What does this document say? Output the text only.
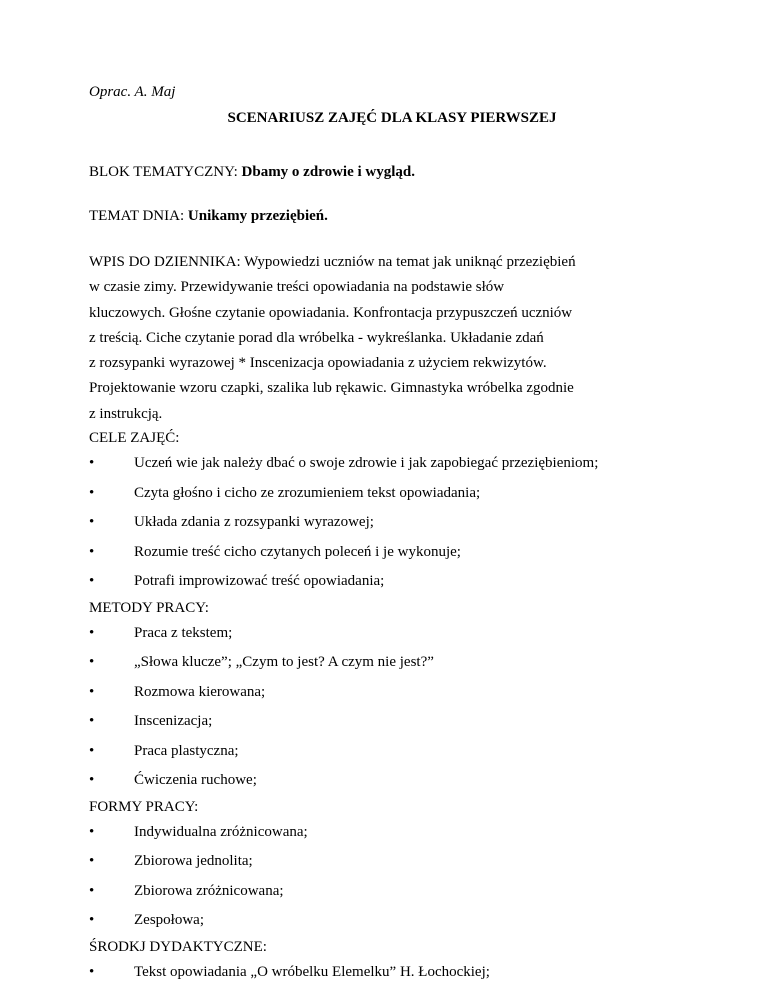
Oprac. A. Maj
SCENARIUSZ ZAJĘĆ DLA KLASY PIERWSZEJ
BLOK TEMATYCZNY: Dbamy o zdrowie i wygląd.
TEMAT DNIA: Unikamy przeziębień.
WPIS DO DZIENNIKA: Wypowiedzi uczniów na temat jak uniknąć przeziębień
w czasie zimy. Przewidywanie treści opowiadania na podstawie słów
kluczowych. Głośne czytanie opowiadania. Konfrontacja przypuszczeń uczniów
z treścią. Ciche czytanie porad dla wróbelka - wykreślanka. Układanie zdań
z rozsypanki wyrazowej * Inscenizacja opowiadania z użyciem rekwizytów.
Projektowanie wzoru czapki, szalika lub rękawic. Gimnastyka wróbelka zgodnie
z instrukcją.
CELE ZAJĘĆ:
•	Uczeń wie jak należy dbać o swoje zdrowie i jak zapobiegać przeziębieniom;
•	Czyta głośno i cicho ze zrozumieniem tekst opowiadania;
•	Układa zdania z rozsypanki wyrazowej;
•	Rozumie treść cicho czytanych poleceń i je wykonuje;
•	Potrafi improwizować treść opowiadania;
METODY PRACY:
•	Praca z tekstem;
•	„Słowa klucze”; „Czym to jest? A czym nie jest?”
•	Rozmowa kierowana;
•	Inscenizacja;
•	Praca plastyczna;
•	Ćwiczenia ruchowe;
FORMY PRACY:
•	Indywidualna zróżnicowana;
•	Zbiorowa jednolita;
•	Zbiorowa zróżnicowana;
•	Zespołowa;
ŚRODKJ DYDAKTYCZNE:
•	Tekst opowiadania „O wróbelku Elemelku” H. Łochockiej;
